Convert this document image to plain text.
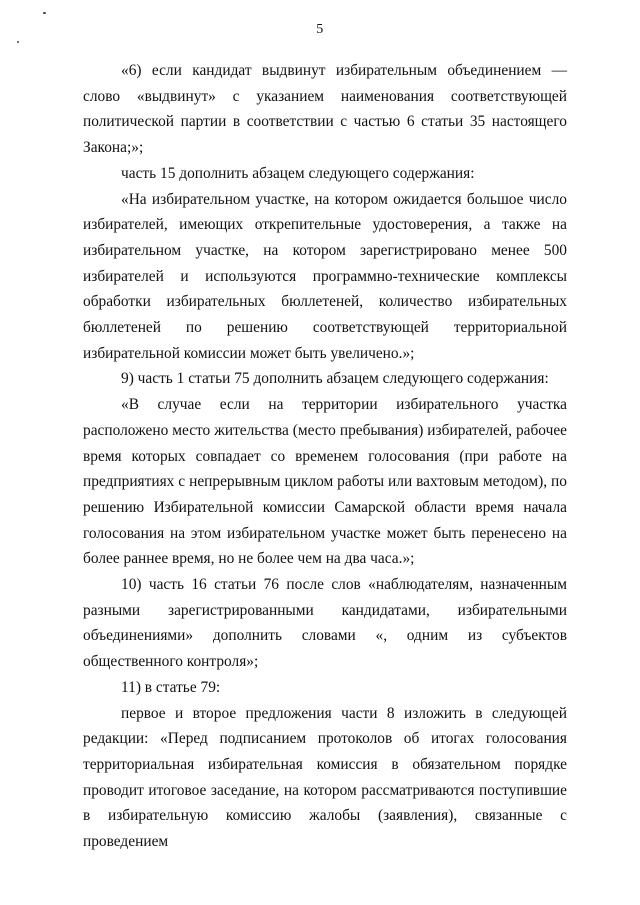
5

«6) если кандидат выдвинут избирательным объединением — слово «выдвинут» с указанием наименования соответствующей политической партии в соответствии с частью 6 статьи 35 настоящего Закона;»;

часть 15 дополнить абзацем следующего содержания:

«На избирательном участке, на котором ожидается большое число избирателей, имеющих открепительные удостоверения, а также на избирательном участке, на котором зарегистрировано менее 500 избирателей и используются программно-технические комплексы обработки избирательных бюллетеней, количество избирательных бюллетеней по решению соответствующей территориальной избирательной комиссии может быть увеличено.»;

9) часть 1 статьи 75 дополнить абзацем следующего содержания:

«В случае если на территории избирательного участка расположено место жительства (место пребывания) избирателей, рабочее время которых совпадает со временем голосования (при работе на предприятиях с непрерывным циклом работы или вахтовым методом), по решению Избирательной комиссии Самарской области время начала голосования на этом избирательном участке может быть перенесено на более раннее время, но не более чем на два часа.»;

10) часть 16 статьи 76 после слов «наблюдателям, назначенным разными зарегистрированными кандидатами, избирательными объединениями» дополнить словами «, одним из субъектов общественного контроля»;

11) в статье 79:

первое и второе предложения части 8 изложить в следующей редакции: «Перед подписанием протоколов об итогах голосования территориальная избирательная комиссия в обязательном порядке проводит итоговое заседание, на котором рассматриваются поступившие в избирательную комиссию жалобы (заявления), связанные с проведением
